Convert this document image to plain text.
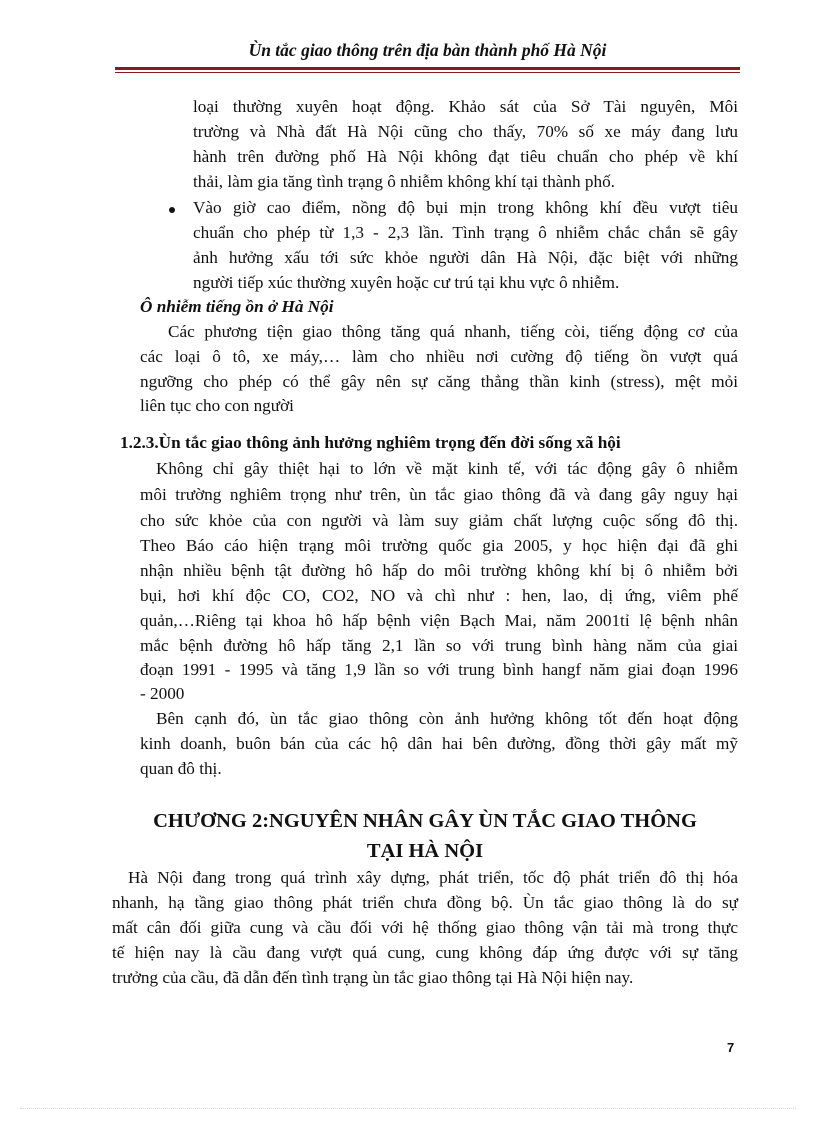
Ùn tắc giao thông trên địa bàn thành phố Hà Nội
loại thường xuyên hoạt động. Khảo sát của Sở Tài nguyên, Môi
trường và Nhà đất Hà Nội cũng cho thấy, 70% số xe máy đang lưu
hành trên đường phố Hà Nội không đạt tiêu chuẩn cho phép về khí
thải, làm gia tăng tình trạng ô nhiễm không khí tại thành phố.
Vào giờ cao điểm, nồng độ bụi mịn trong không khí đều vượt tiêu
chuẩn cho phép từ 1,3 - 2,3 lần. Tình trạng ô nhiễm chắc chắn sẽ gây
ảnh hưởng xấu tới sức khỏe người dân Hà Nội, đặc biệt với những
người tiếp xúc thường xuyên hoặc cư trú tại khu vực ô nhiễm.
Ô nhiễm tiếng ồn ở Hà Nội
Các phương tiện giao thông tăng quá nhanh, tiếng còi, tiếng động cơ của
các loại ô tô, xe máy,… làm cho nhiều nơi cường độ tiếng ồn vượt quá
ngưỡng cho phép có thể gây nên sự căng thẳng thần kinh (stress), mệt mỏi
liên tục cho con người
1.2.3.Ùn tắc giao thông ảnh hưởng nghiêm trọng đến đời sống xã hội
Không chỉ gây thiệt hại to lớn về mặt kinh tế, với tác động gây ô nhiễm
môi trường nghiêm trọng như trên, ùn tắc giao thông đã và đang gây nguy hại
cho sức khỏe của con người và làm suy giảm chất lượng cuộc sống đô thị.
Theo Báo cáo hiện trạng môi trường quốc gia 2005, y học hiện đại đã ghi
nhận nhiều bệnh tật đường hô hấp do môi trường không khí bị ô nhiễm bởi
bụi, hơi khí độc CO, CO2, NO và chì như : hen, lao, dị ứng, viêm phế
quản,…Riêng tại khoa hô hấp bệnh viện Bạch Mai, năm 2001tỉ lệ bệnh nhân
mắc bệnh đường hô hấp tăng 2,1 lần so với trung bình hàng năm của giai
đoạn 1991 - 1995 và tăng 1,9 lần so với trung bình hangf năm giai đoạn 1996
- 2000
Bên cạnh đó, ùn tắc giao thông còn ảnh hưởng không tốt đến hoạt động
kinh doanh, buôn bán của các hộ dân hai bên đường, đồng thời gây mất mỹ
quan đô thị.
CHƯƠNG 2:NGUYÊN NHÂN GÂY ÙN TẮC GIAO THÔNG
TẠI HÀ NỘI
Hà Nội đang trong quá trình xây dựng, phát triển, tốc độ phát triển đô thị hóa
nhanh, hạ tầng giao thông phát triển chưa đồng bộ. Ùn tắc giao thông là do sự
mất cân đối giữa cung và cầu đối với hệ thống giao thông vận tải mà trong thực
tế hiện nay là cầu đang vượt quá cung, cung không đáp ứng được với sự tăng
trưởng của cầu, đã dẫn đến tình trạng ùn tắc giao thông tại Hà Nội hiện nay.
7
